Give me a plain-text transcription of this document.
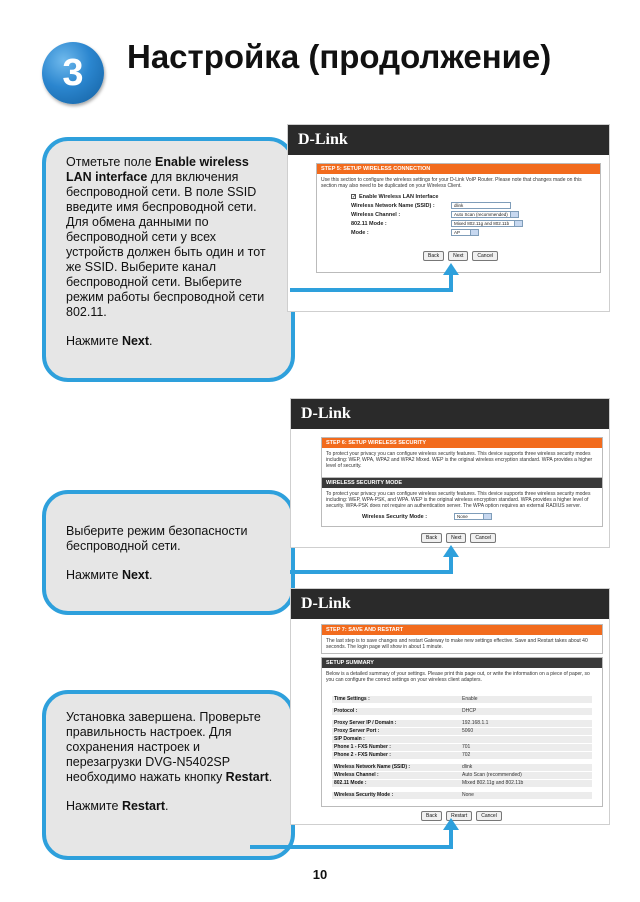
3	Настройка (продолжение)

Отметьте поле Enable wireless LAN interface для включения беспроводной сети. В поле SSID введите имя беспроводной сети. Для обмена данными по беспроводной сети у всех устройств должен быть один и тот же SSID. Выберите канал беспроводной сети. Выберите режим работы беспроводной сети 802.11.

Нажмите Next.

D-Link
STEP 5: SETUP WIRELESS CONNECTION
Use this section to configure the wireless settings for your D-Link VoIP Router. Please note that changes made on this section may also need to be duplicated on your Wireless Client.
✓ Enable Wireless LAN Interface
Wireless Network Name (SSID) :	dlink
Wireless Channel :	Auto Scan (recommended)
802.11 Mode :	Mixed 802.11g and 802.11b
Mode :	AP
Back	Next	Cancel

Выберите режим безопасности беспроводной сети.

Нажмите Next.

D-Link
STEP 6: SETUP WIRELESS SECURITY
To protect your privacy you can configure wireless security features. This device supports three wireless security modes including: WEP, WPA, WPA2 and WPA2 Mixed. WEP is the original wireless encryption standard. WPA provides a higher level of security.
WIRELESS SECURITY MODE
To protect your privacy you can configure wireless security features. This device supports three wireless security modes including: WEP, WPA-PSK, and WPA. WEP is the original wireless encryption standard. WPA provides a higher level of security. WPA-PSK does not require an authentication server. The WPA option requires an external RADIUS server.
Wireless Security Mode :	None
Back	Next	Cancel

Установка завершена. Проверьте правильность настроек. Для сохранения настроек и перезагрузки DVG-N5402SP необходимо нажать кнопку Restart.

Нажмите Restart.

D-Link
STEP 7: SAVE AND RESTART
The last step is to save changes and restart Gateway to make new settings effective. Save and Restart takes about 40 seconds. The login page will show in about 1 minute.
SETUP SUMMARY
Below is a detailed summary of your settings. Please print this page out, or write the information on a piece of paper, so you can configure the correct settings on your wireless client adapters.
Time Settings :	Enable
Protocol :	DHCP
Proxy Server IP / Domain :	192.168.1.1
Proxy Server Port :	5060
SIP Domain :
Phone 1 - FXS Number :	701
Phone 2 - FXS Number :	702
Wireless Network Name (SSID) :	dlink
Wireless Channel :	Auto Scan (recommended)
802.11 Mode :	Mixed 802.11g and 802.11b
Wireless Security Mode :	None
Back	Restart	Cancel
10
